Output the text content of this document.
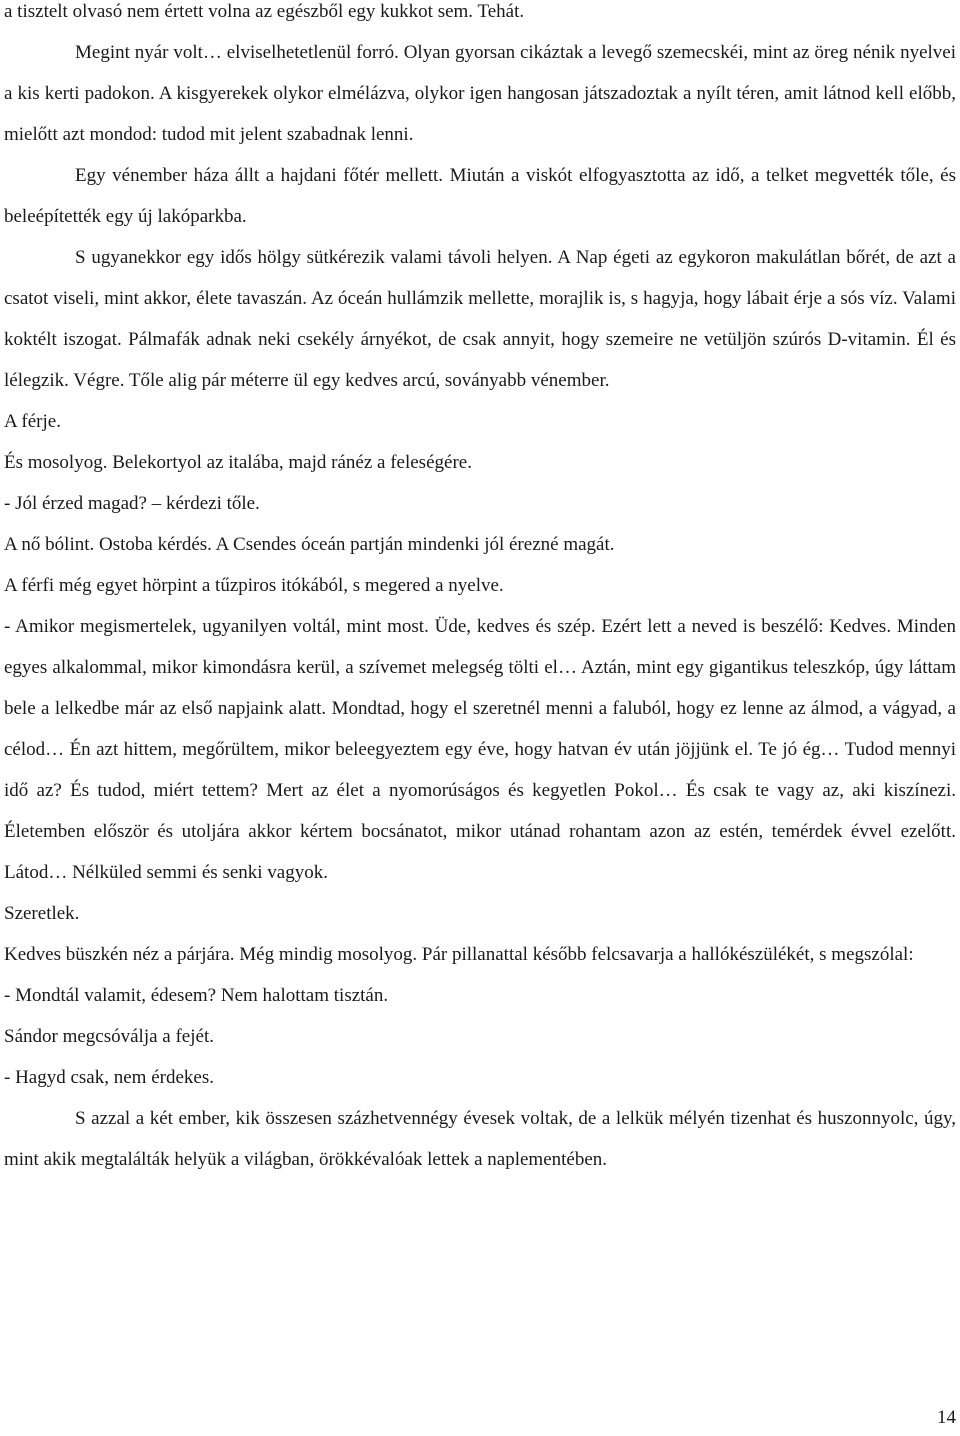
a tisztelt olvasó nem értett volna az egészből egy kukkot sem. Tehát.

Megint nyár volt… elviselhetetlenül forró. Olyan gyorsan cikáztak a levegő szemecskéi, mint az öreg nénik nyelvei a kis kerti padokon. A kisgyerekek olykor elmélázva, olykor igen hangosan játszadoztak a nyílt téren, amit látnod kell előbb, mielőtt azt mondod: tudod mit jelent szabadnak lenni.

Egy vénember háza állt a hajdani főtér mellett. Miután a viskót elfogyasztotta az idő, a telket megvették tőle, és beleépítették egy új lakóparkba.

S ugyanekkor egy idős hölgy sütkérezik valami távoli helyen. A Nap égeti az egykoron makulátlan bőrét, de azt a csatot viseli, mint akkor, élete tavaszán. Az óceán hullámzik mellette, morajlik is, s hagyja, hogy lábait érje a sós víz. Valami koktélt iszogat. Pálmafák adnak neki csekély árnyékot, de csak annyit, hogy szemeire ne vetüljön szúrós D-vitamin. Él és lélegzik. Végre. Tőle alig pár méterre ül egy kedves arcú, soványabb vénember.

A férje.

És mosolyog. Belekortyol az italába, majd ránéz a feleségére.

- Jól érzed magad? – kérdezi tőle.

A nő bólint. Ostoba kérdés. A Csendes óceán partján mindenki jól érezné magát.

A férfi még egyet hörpint a tűzpiros itókából, s megered a nyelve.

- Amikor megismertelek, ugyanilyen voltál, mint most. Üde, kedves és szép. Ezért lett a neved is beszélő: Kedves. Minden egyes alkalommal, mikor kimondásra kerül, a szívemet melegség tölti el… Aztán, mint egy gigantikus teleszkóp, úgy láttam bele a lelkedbe már az első napjaink alatt. Mondtad, hogy el szeretnél menni a faluból, hogy ez lenne az álmod, a vágyad, a célod… Én azt hittem, megőrültem, mikor beleegyeztem egy éve, hogy hatvan év után jöjjünk el. Te jó ég… Tudod mennyi idő az? És tudod, miért tettem? Mert az élet a nyomorúságos és kegyetlen Pokol… És csak te vagy az, aki kiszínezi. Életemben először és utoljára akkor kértem bocsánatot, mikor utánad rohantam azon az estén, temérdek évvel ezelőtt. Látod… Nélküled semmi és senki vagyok.

Szeretlek.

Kedves büszkén néz a párjára. Még mindig mosolyog. Pár pillanattal később felcsavarja a hallókészülékét, s megszólal:

- Mondtál valamit, édesem? Nem halottam tisztán.

Sándor megcsóválja a fejét.

- Hagyd csak, nem érdekes.

S azzal a két ember, kik összesen százhetvennégy évesek voltak, de a lelkük mélyén tizenhat és huszonnyolc, úgy, mint akik megtalálták helyük a világban, örökkévalóak lettek a naplementében.

14
